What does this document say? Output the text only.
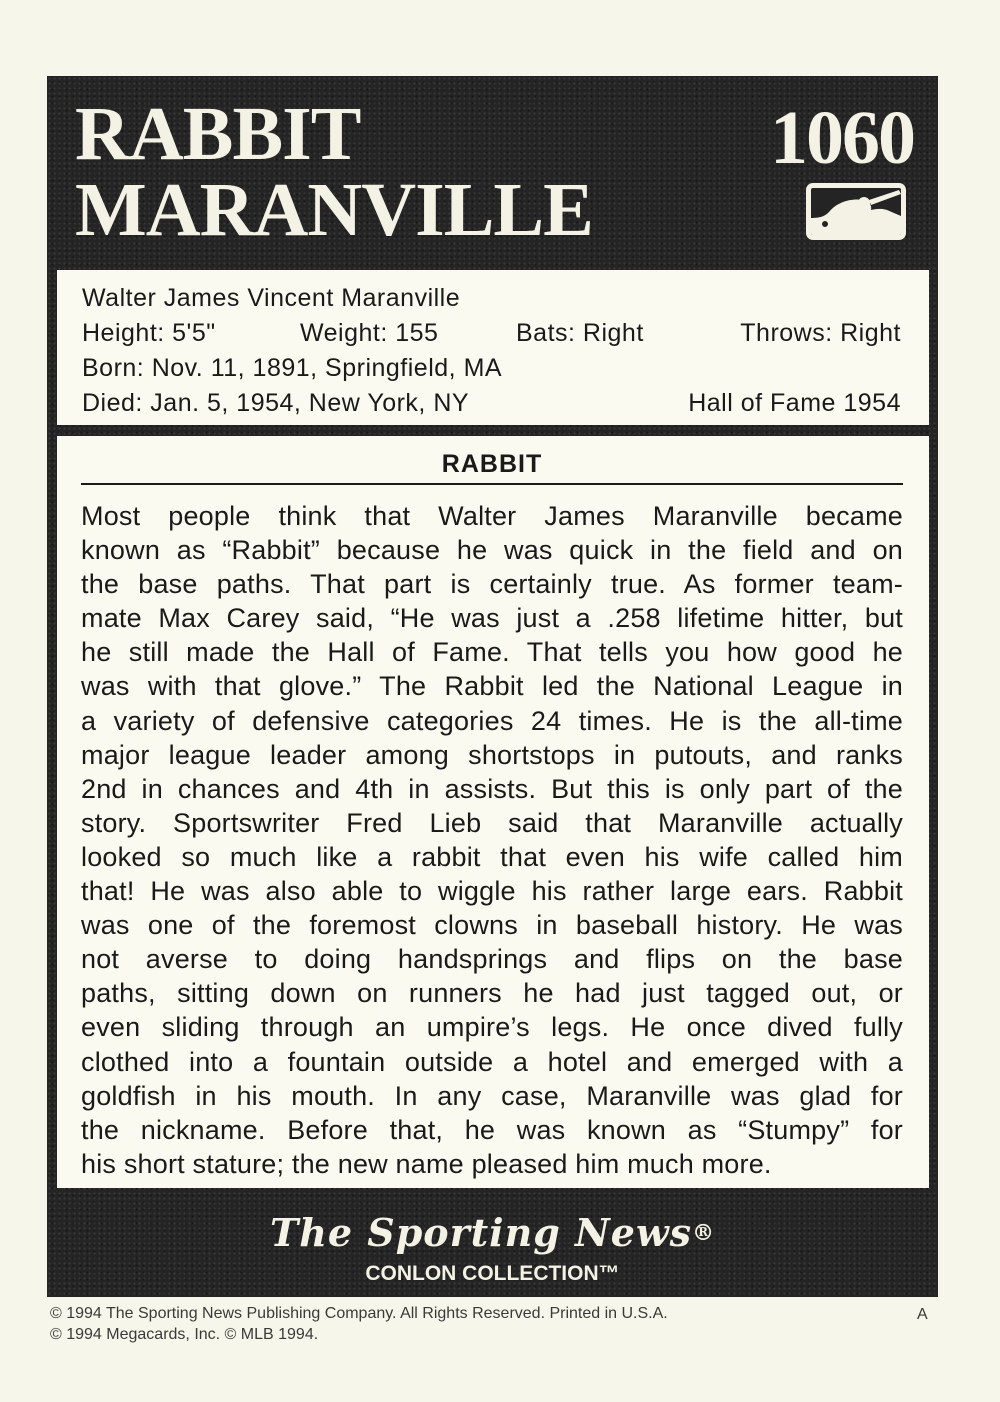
RABBIT
MARANVILLE
1060
Walter James Vincent Maranville
Height: 5'5"	Weight: 155	Bats: Right	Throws: Right
Born: Nov. 11, 1891, Springfield, MA
Died: Jan. 5, 1954, New York, NY	Hall of Fame 1954
RABBIT
Most people think that Walter James Maranville became
known as “Rabbit” because he was quick in the field and on
the base paths. That part is certainly true. As former team-
mate Max Carey said, “He was just a .258 lifetime hitter, but
he still made the Hall of Fame. That tells you how good he
was with that glove.” The Rabbit led the National League in
a variety of defensive categories 24 times. He is the all-time
major league leader among shortstops in putouts, and ranks
2nd in chances and 4th in assists. But this is only part of the
story. Sportswriter Fred Lieb said that Maranville actually
looked so much like a rabbit that even his wife called him
that! He was also able to wiggle his rather large ears. Rabbit
was one of the foremost clowns in baseball history. He was
not averse to doing handsprings and flips on the base
paths, sitting down on runners he had just tagged out, or
even sliding through an umpire’s legs. He once dived fully
clothed into a fountain outside a hotel and emerged with a
goldfish in his mouth. In any case, Maranville was glad for
the nickname. Before that, he was known as “Stumpy” for
his short stature; the new name pleased him much more.
The Sporting News®
CONLON COLLECTION™
© 1994 The Sporting News Publishing Company. All Rights Reserved. Printed in U.S.A.
© 1994 Megacards, Inc. © MLB 1994.
A
